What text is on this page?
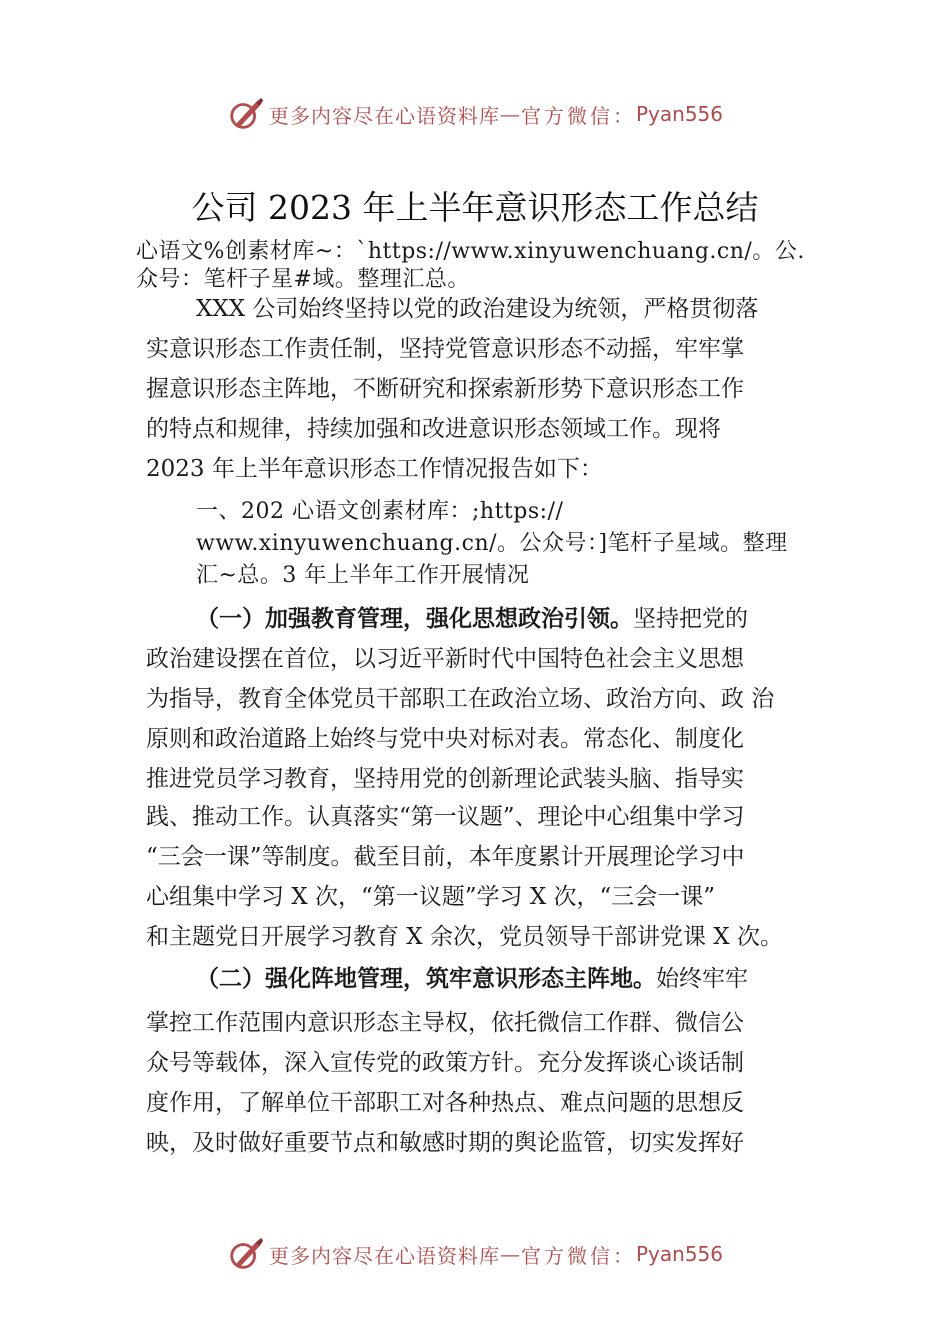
更多内容尽在心语资料库 — 官方微信： Pyan556
公司 2023 年上半年意识形态工作总结
心语文%创素材库~：`https://www.xinyuwenchuang.cn/。公.
众号：笔杆子星#域。整理汇总。
XXX 公司始终坚持以党的政治建设为统领，严格贯彻落
实意识形态工作责任制，坚持党管意识形态不动摇，牢牢掌
握意识形态主阵地，不断研究和探索新形势下意识形态工作
的特点和规律，持续加强和改进意识形态领域工作。现将
2023 年上半年意识形态工作情况报告如下：
一、202 心语文创素材库：;https://
www.xinyuwenchuang.cn/。公众号：]笔杆子星域。整理
汇~总。3 年上半年工作开展情况
（一）加强教育管理，强化思想政治引领。坚持把党的
政治建设摆在首位，以习近平新时代中国特色社会主义思想
为指导，教育全体党员干部职工在政治立场、政治方向、政 治
原则和政治道路上始终与党中央对标对表。常态化、制度化
推进党员学习教育，坚持用党的创新理论武装头脑、指导实
践、推动工作。认真落实“第一议题”、理论中心组集中学习
“三会一课”等制度。截至目前，本年度累计开展理论学习中
心组集中学习 X 次，“第一议题”学习 X 次，“三会一课”
和主题党日开展学习教育 X 余次，党员领导干部讲党课 X 次。
（二）强化阵地管理，筑牢意识形态主阵地。始终牢牢
掌控工作范围内意识形态主导权，依托微信工作群、微信公
众号等载体，深入宣传党的政策方针。充分发挥谈心谈话制
度作用，了解单位干部职工对各种热点、难点问题的思想反
映，及时做好重要节点和敏感时期的舆论监管，切实发挥好
更多内容尽在心语资料库 — 官方微信： Pyan556
